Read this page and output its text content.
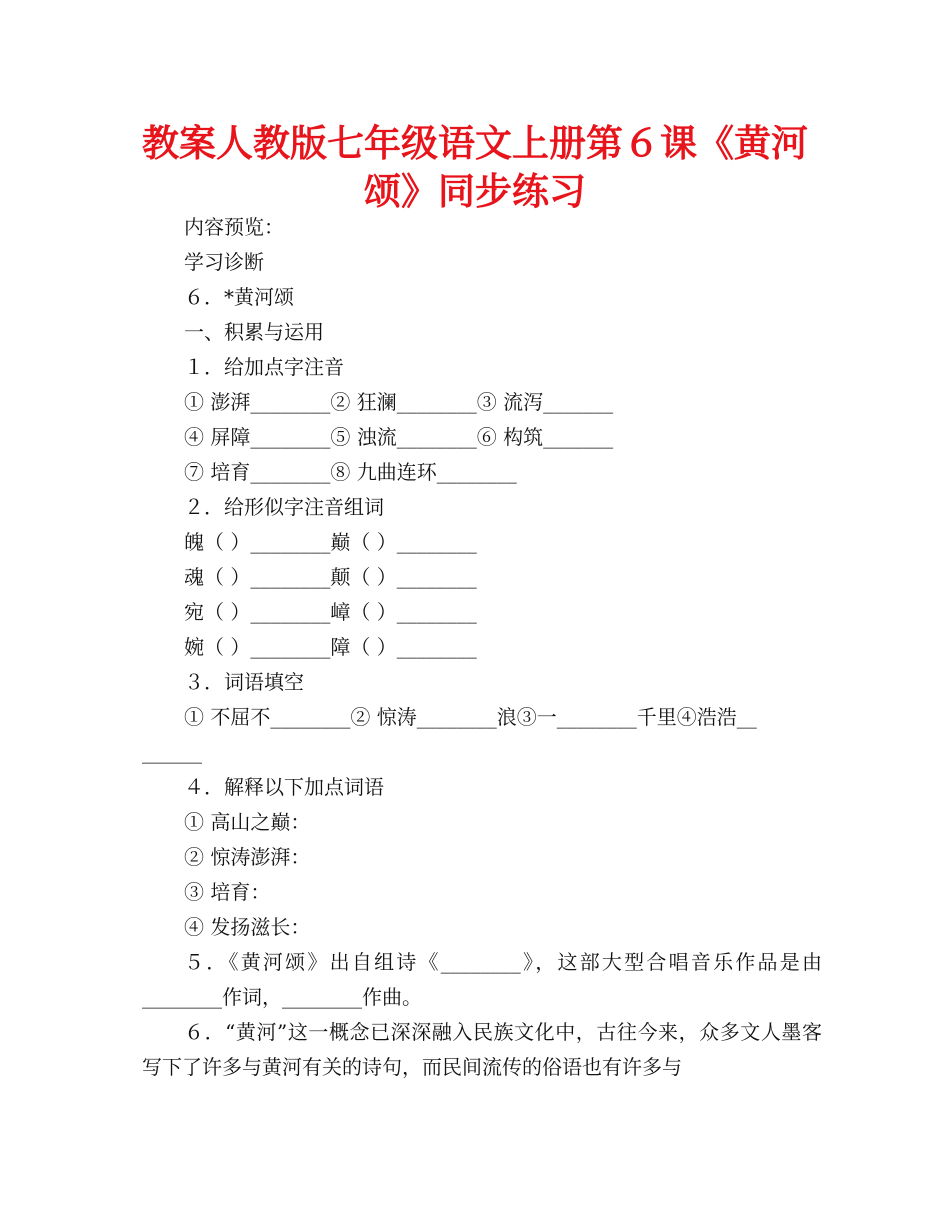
教案人教版七年级语文上册第６课《黄河
颂》同步练习
内容预览：
学习诊断
６．*黄河颂
一、积累与运用
１．给加点字注音
① 澎湃________② 狂澜________③ 流泻_______
④ 屏障________⑤ 浊流________⑥ 构筑_______
⑦ 培育________⑧ 九曲连环________
２．给形似字注音组词
魄（ ）________巅（ ）________
魂（ ）________颠（ ）________
宛（ ）________嶂（ ）________
婉（ ）________障（ ）________
３．词语填空
① 不屈不________② 惊涛________浪③一________千里④浩浩__
______
４．解释以下加点词语
① 高山之巅：
② 惊涛澎湃：
③ 培育：
④ 发扬滋长：
５．《黄河颂》出自组诗《________》，这部大型合唱音乐作品是由________作词，________作曲。
６．“黄河”这一概念已深深融入民族文化中，古往今来，众多文人墨客写下了许多与黄河有关的诗句，而民间流传的俗语也有许多与
